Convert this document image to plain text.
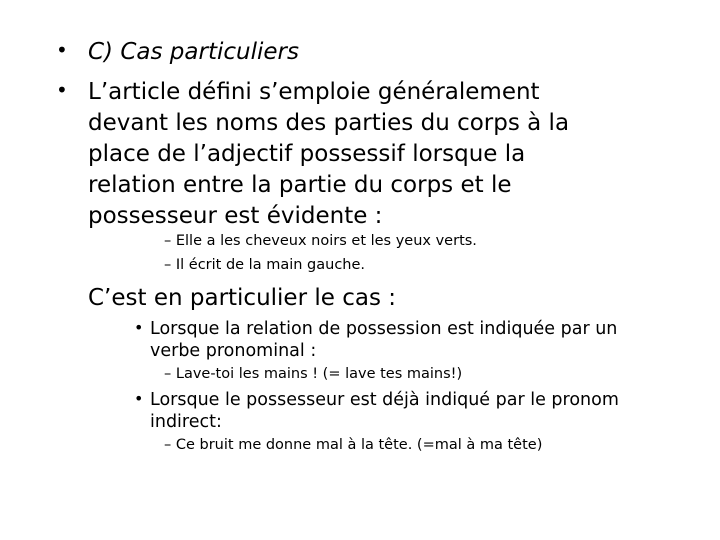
• C) Cas particuliers
• L’article défini s’emploie généralement
devant les noms des parties du corps à la
place de l’adjectif possessif lorsque la
relation entre la partie du corps et le
possesseur est évidente :
– Elle a les cheveux noirs et les yeux verts.
– Il écrit de la main gauche.
C’est en particulier le cas :
• Lorsque la relation de possession est indiquée par un
verbe pronominal :
– Lave-toi les mains ! (= lave tes mains!)
• Lorsque le possesseur est déjà indiqué par le pronom
indirect:
– Ce bruit me donne mal à la tête. (=mal à ma tête)
